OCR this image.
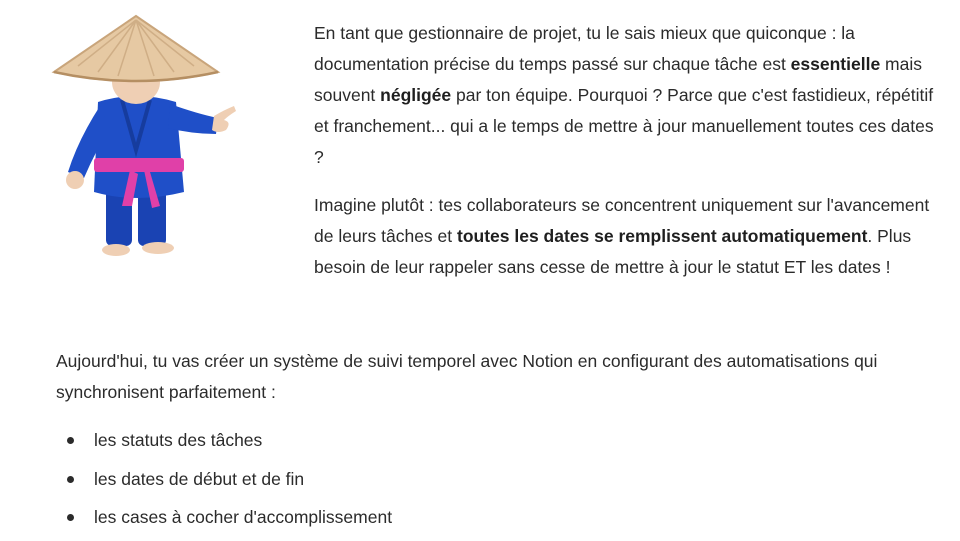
En tant que gestionnaire de projet, tu le sais mieux que quiconque : la documentation précise du temps passé sur chaque tâche est essentielle mais souvent négligée par ton équipe. Pourquoi ? Parce que c'est fastidieux, répétitif et franchement... qui a le temps de mettre à jour manuellement toutes ces dates ?

Imagine plutôt : tes collaborateurs se concentrent uniquement sur l'avancement de leurs tâches et toutes les dates se remplissent automatiquement. Plus besoin de leur rappeler sans cesse de mettre à jour le statut ET les dates !

Aujourd'hui, tu vas créer un système de suivi temporel avec Notion en configurant des automatisations qui synchronisent parfaitement :

les statuts des tâches
les dates de début et de fin
les cases à cocher d'accomplissement
